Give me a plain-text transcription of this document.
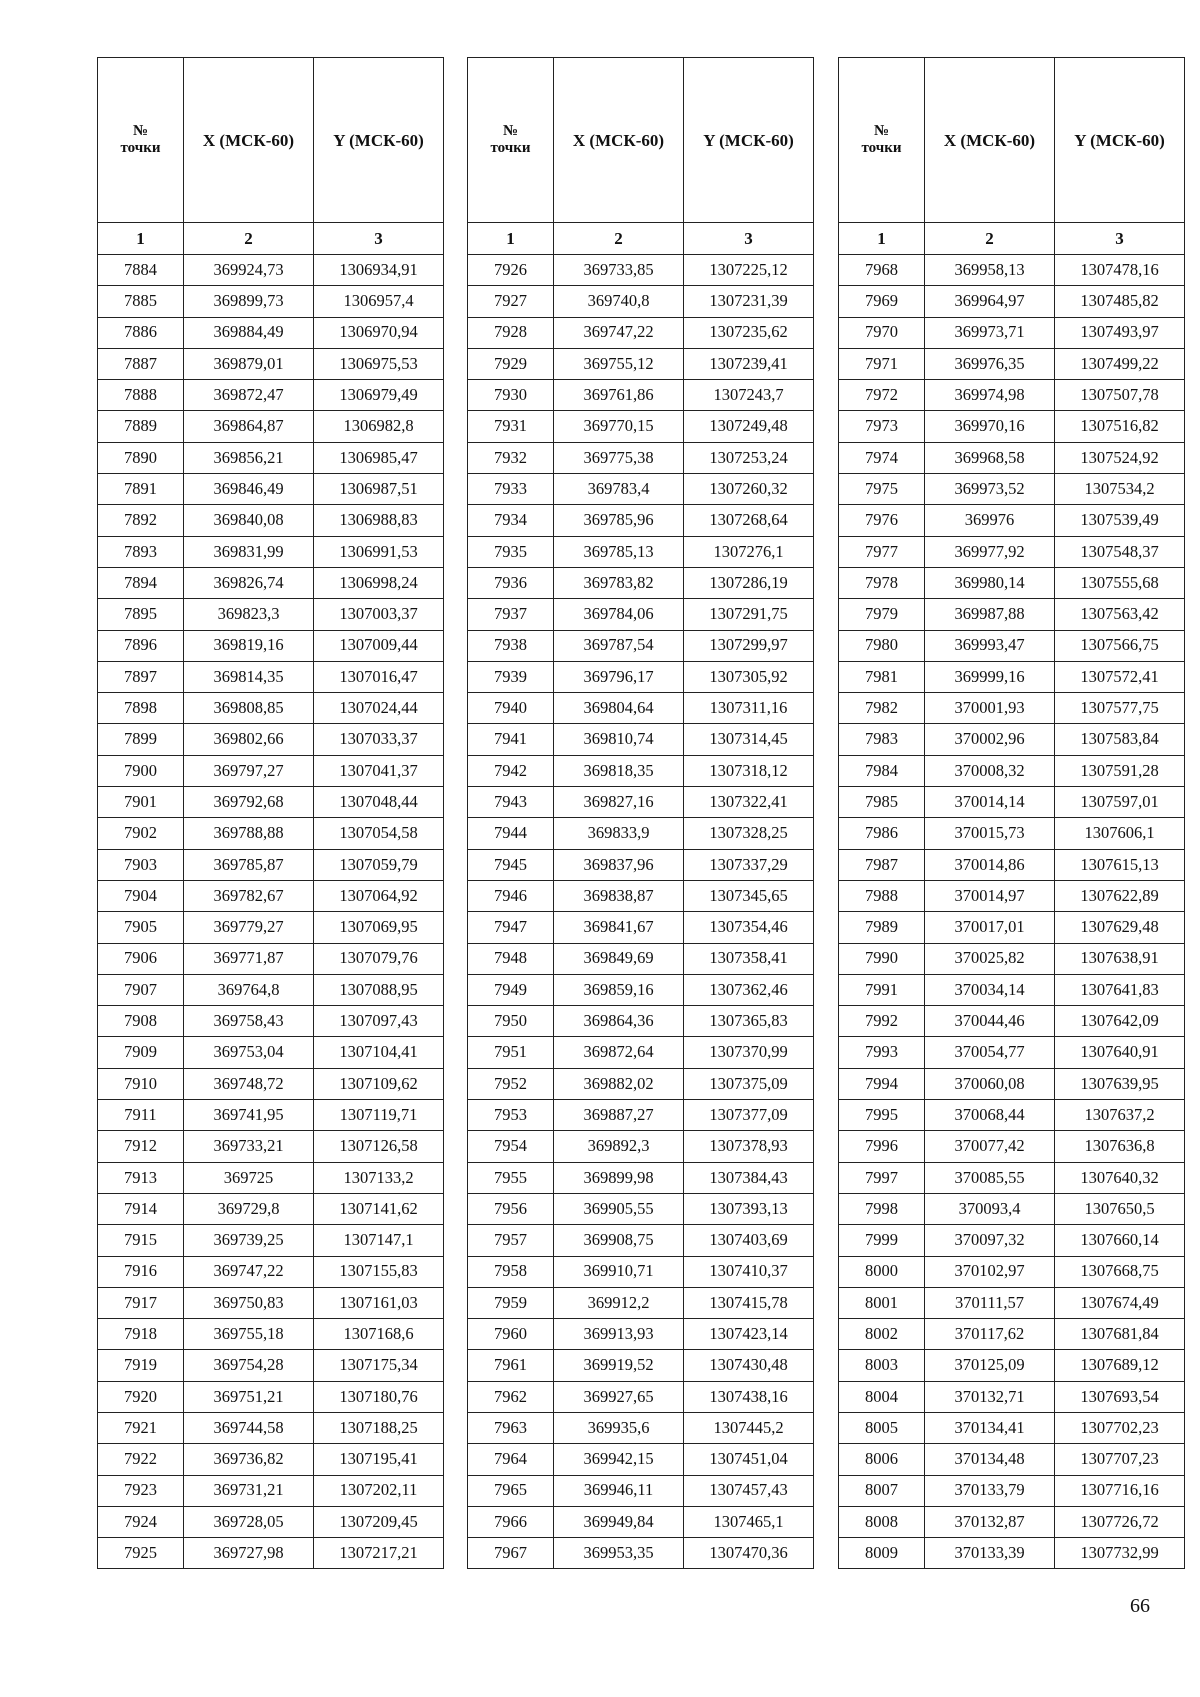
№
точки	X (МСК-60)	Y (МСК-60)
1	2	3
7884	369924,73	1306934,91
7885	369899,73	1306957,4
7886	369884,49	1306970,94
7887	369879,01	1306975,53
7888	369872,47	1306979,49
7889	369864,87	1306982,8
7890	369856,21	1306985,47
7891	369846,49	1306987,51
7892	369840,08	1306988,83
7893	369831,99	1306991,53
7894	369826,74	1306998,24
7895	369823,3	1307003,37
7896	369819,16	1307009,44
7897	369814,35	1307016,47
7898	369808,85	1307024,44
7899	369802,66	1307033,37
7900	369797,27	1307041,37
7901	369792,68	1307048,44
7902	369788,88	1307054,58
7903	369785,87	1307059,79
7904	369782,67	1307064,92
7905	369779,27	1307069,95
7906	369771,87	1307079,76
7907	369764,8	1307088,95
7908	369758,43	1307097,43
7909	369753,04	1307104,41
7910	369748,72	1307109,62
7911	369741,95	1307119,71
7912	369733,21	1307126,58
7913	369725	1307133,2
7914	369729,8	1307141,62
7915	369739,25	1307147,1
7916	369747,22	1307155,83
7917	369750,83	1307161,03
7918	369755,18	1307168,6
7919	369754,28	1307175,34
7920	369751,21	1307180,76
7921	369744,58	1307188,25
7922	369736,82	1307195,41
7923	369731,21	1307202,11
7924	369728,05	1307209,45
7925	369727,98	1307217,21
№
точки	X (МСК-60)	Y (МСК-60)
1	2	3
7926	369733,85	1307225,12
7927	369740,8	1307231,39
7928	369747,22	1307235,62
7929	369755,12	1307239,41
7930	369761,86	1307243,7
7931	369770,15	1307249,48
7932	369775,38	1307253,24
7933	369783,4	1307260,32
7934	369785,96	1307268,64
7935	369785,13	1307276,1
7936	369783,82	1307286,19
7937	369784,06	1307291,75
7938	369787,54	1307299,97
7939	369796,17	1307305,92
7940	369804,64	1307311,16
7941	369810,74	1307314,45
7942	369818,35	1307318,12
7943	369827,16	1307322,41
7944	369833,9	1307328,25
7945	369837,96	1307337,29
7946	369838,87	1307345,65
7947	369841,67	1307354,46
7948	369849,69	1307358,41
7949	369859,16	1307362,46
7950	369864,36	1307365,83
7951	369872,64	1307370,99
7952	369882,02	1307375,09
7953	369887,27	1307377,09
7954	369892,3	1307378,93
7955	369899,98	1307384,43
7956	369905,55	1307393,13
7957	369908,75	1307403,69
7958	369910,71	1307410,37
7959	369912,2	1307415,78
7960	369913,93	1307423,14
7961	369919,52	1307430,48
7962	369927,65	1307438,16
7963	369935,6	1307445,2
7964	369942,15	1307451,04
7965	369946,11	1307457,43
7966	369949,84	1307465,1
7967	369953,35	1307470,36
№
точки	X (МСК-60)	Y (МСК-60)
1	2	3
7968	369958,13	1307478,16
7969	369964,97	1307485,82
7970	369973,71	1307493,97
7971	369976,35	1307499,22
7972	369974,98	1307507,78
7973	369970,16	1307516,82
7974	369968,58	1307524,92
7975	369973,52	1307534,2
7976	369976	1307539,49
7977	369977,92	1307548,37
7978	369980,14	1307555,68
7979	369987,88	1307563,42
7980	369993,47	1307566,75
7981	369999,16	1307572,41
7982	370001,93	1307577,75
7983	370002,96	1307583,84
7984	370008,32	1307591,28
7985	370014,14	1307597,01
7986	370015,73	1307606,1
7987	370014,86	1307615,13
7988	370014,97	1307622,89
7989	370017,01	1307629,48
7990	370025,82	1307638,91
7991	370034,14	1307641,83
7992	370044,46	1307642,09
7993	370054,77	1307640,91
7994	370060,08	1307639,95
7995	370068,44	1307637,2
7996	370077,42	1307636,8
7997	370085,55	1307640,32
7998	370093,4	1307650,5
7999	370097,32	1307660,14
8000	370102,97	1307668,75
8001	370111,57	1307674,49
8002	370117,62	1307681,84
8003	370125,09	1307689,12
8004	370132,71	1307693,54
8005	370134,41	1307702,23
8006	370134,48	1307707,23
8007	370133,79	1307716,16
8008	370132,87	1307726,72
8009	370133,39	1307732,99
66
